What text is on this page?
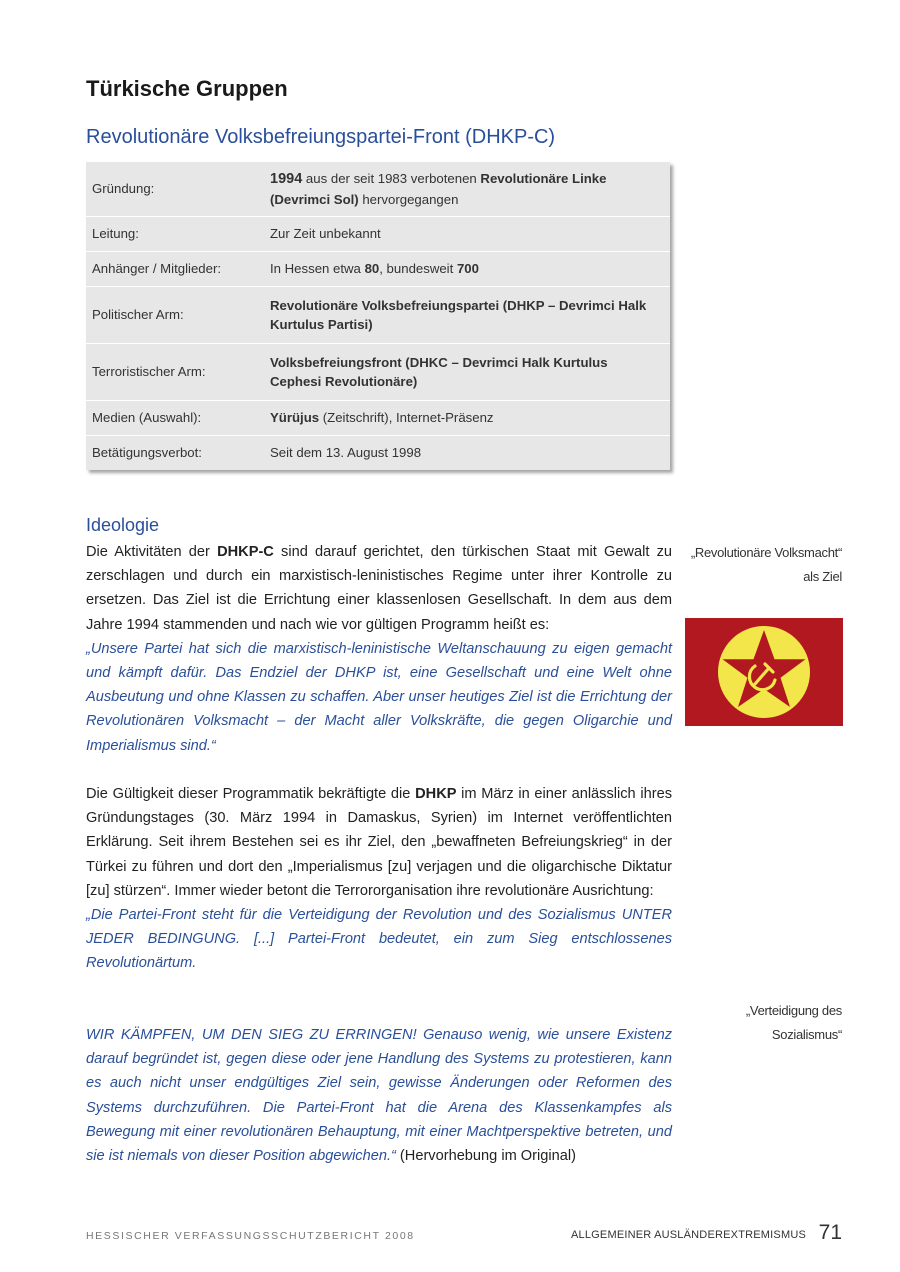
Türkische Gruppen
Revolutionäre Volksbefreiungspartei-Front (DHKP-C)
Gründung:	1994 aus der seit 1983 verbotenen Revolutionäre Linke (Devrimci Sol) hervorgegangen
Leitung:	Zur Zeit unbekannt
Anhänger / Mitglieder:	In Hessen etwa 80, bundesweit 700
Politischer Arm:	Revolutionäre Volksbefreiungspartei (DHKP – Devrimci Halk Kurtulus Partisi)
Terroristischer Arm:	Volksbefreiungsfront (DHKC – Devrimci Halk Kurtulus Cephesi Revolutionäre)
Medien (Auswahl):	Yürüjus (Zeitschrift), Internet-Präsenz
Betätigungsverbot:	Seit dem 13. August 1998
Ideologie

Die Aktivitäten der DHKP-C sind darauf gerichtet, den türkischen Staat mit Gewalt zu zerschlagen und durch ein marxistisch-leninistisches Regime unter ihrer Kontrolle zu ersetzen. Das Ziel ist die Errichtung einer klassenlosen Gesellschaft. In dem aus dem Jahre 1994 stammenden und nach wie vor gültigen Programm heißt es:

„Unsere Partei hat sich die marxistisch-leninistische Weltanschauung zu eigen gemacht und kämpft dafür. Das Endziel der DHKP ist, eine Gesellschaft und eine Welt ohne Ausbeutung und ohne Klassen zu schaffen. Aber unser heutiges Ziel ist die Errichtung der Revolutionären Volksmacht – der Macht aller Volkskräfte, die gegen Oligarchie und Imperialismus sind.“

Die Gültigkeit dieser Programmatik bekräftigte die DHKP im März in einer anlässlich ihres Gründungstages (30. März 1994 in Damaskus, Syrien) im Internet veröffentlichten Erklärung. Seit ihrem Bestehen sei es ihr Ziel, den „bewaffneten Befreiungskrieg“ in der Türkei zu führen und dort den „Imperialismus [zu] verjagen und die oligarchische Diktatur [zu] stürzen“. Immer wieder betont die Terrororganisation ihre revolutionäre Ausrichtung:

„Die Partei-Front steht für die Verteidigung der Revolution und des Sozialismus UNTER JEDER BEDINGUNG. [...] Partei-Front bedeutet, ein zum Sieg entschlossenes Revolutionärtum.

WIR KÄMPFEN, UM DEN SIEG ZU ERRINGEN! Genauso wenig, wie unsere Existenz darauf begründet ist, gegen diese oder jene Handlung des Systems zu protestieren, kann es auch nicht unser endgültiges Ziel sein, gewisse Änderungen oder Reformen des Systems durchzuführen. Die Partei-Front hat die Arena des Klassenkampfes als Bewegung mit einer revolutionären Behauptung, mit einer Machtperspektive betreten, und sie ist niemals von dieser Position abgewichen.“ (Hervorhebung im Original)

„Revolutionäre Volksmacht“
als Ziel
„Verteidigung des
Sozialismus“
HESSISCHER VERFASSUNGSSCHUTZBERICHT 2008	ALLGEMEINER AUSLÄNDEREXTREMISMUS 71
